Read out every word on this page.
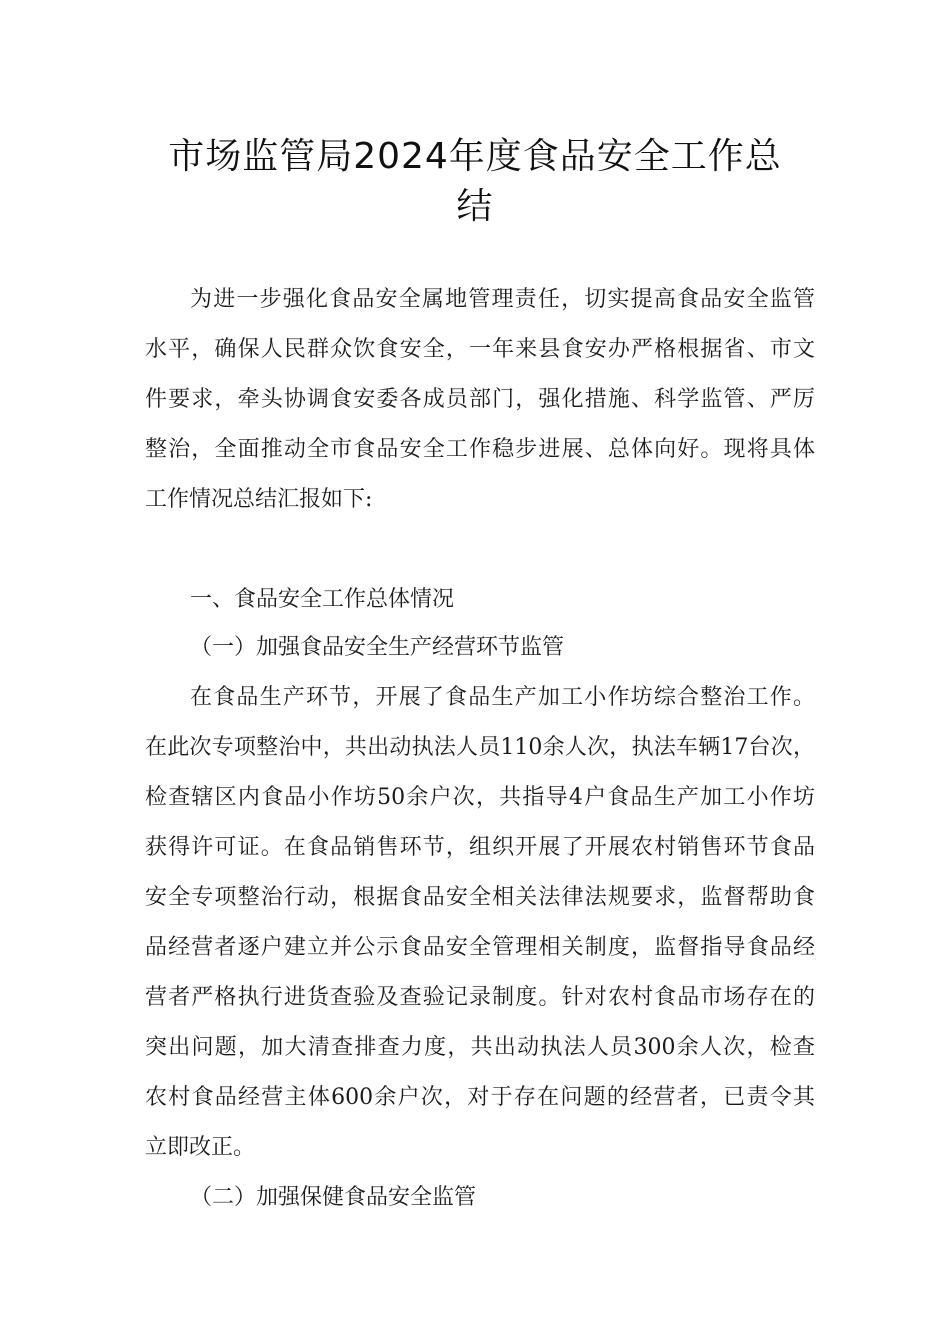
市场监管局2024年度食品安全工作总
结

为进一步强化食品安全属地管理责任，切实提高食品安全监管

水平，确保人民群众饮食安全，一年来县食安办严格根据省、市文

件要求，牵头协调食安委各成员部门，强化措施、科学监管、严厉

整治，全面推动全市食品安全工作稳步进展、总体向好。现将具体

工作情况总结汇报如下:

一、食品安全工作总体情况

（一）加强食品安全生产经营环节监管

在食品生产环节，开展了食品生产加工小作坊综合整治工作。

在此次专项整治中，共出动执法人员110余人次，执法车辆17台次，

检查辖区内食品小作坊50余户次，共指导4户食品生产加工小作坊

获得许可证。在食品销售环节，组织开展了开展农村销售环节食品

安全专项整治行动，根据食品安全相关法律法规要求，监督帮助食

品经营者逐户建立并公示食品安全管理相关制度，监督指导食品经

营者严格执行进货查验及查验记录制度。针对农村食品市场存在的

突出问题，加大清查排查力度，共出动执法人员300余人次，检查

农村食品经营主体600余户次，对于存在问题的经营者，已责令其

立即改正。

（二）加强保健食品安全监管
